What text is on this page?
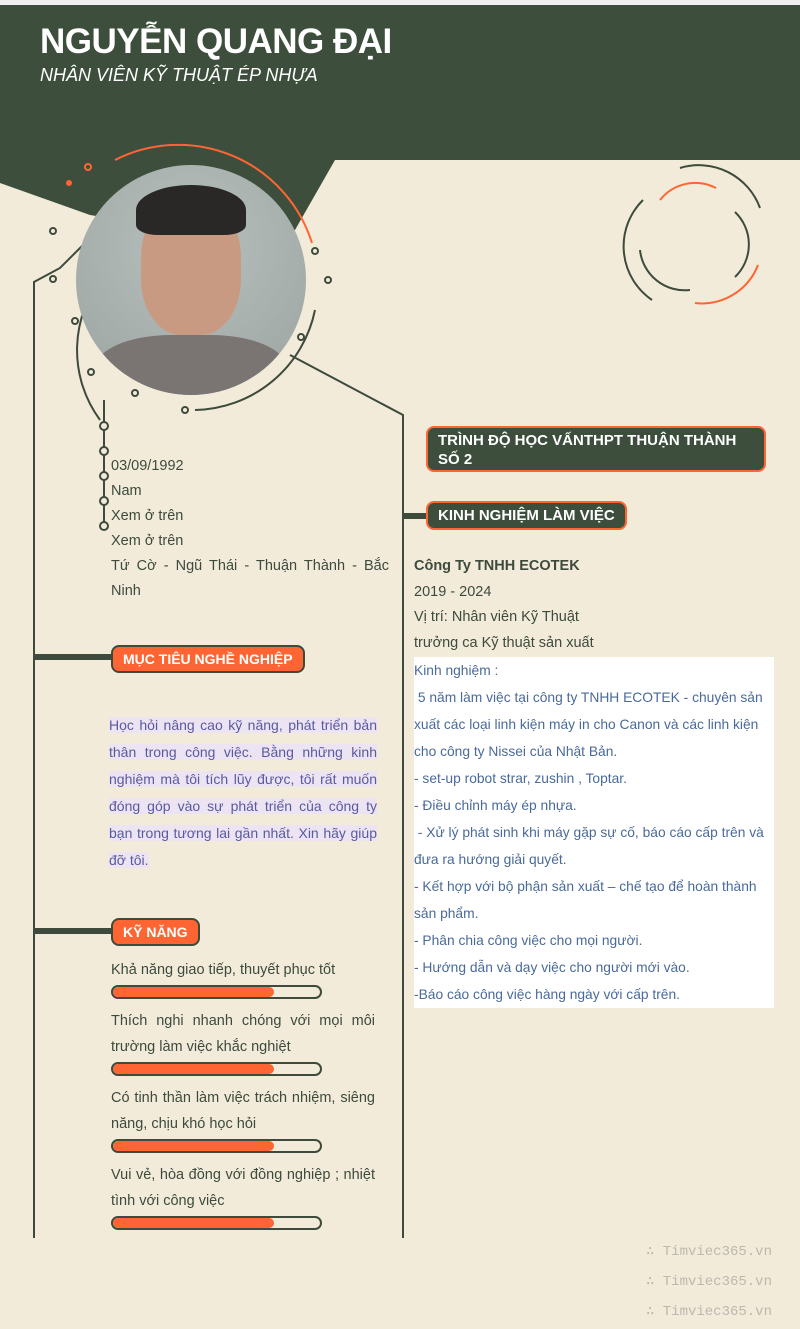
NGUYỄN QUANG ĐẠI
NHÂN VIÊN KỸ THUẬT ÉP NHỰA
03/09/1992
Nam
Xem ở trên
Xem ở trên
Tứ Cờ - Ngũ Thái - Thuận Thành - Bắc Ninh
MỤC TIÊU NGHỀ NGHIỆP
Học hỏi nâng cao kỹ năng, phát triển bản thân trong công việc. Bằng những kinh nghiệm mà tôi tích lũy được, tôi rất muốn đóng góp vào sự phát triển của công ty bạn trong tương lai gần nhất. Xin hãy giúp đỡ tôi.
KỸ NĂNG
Khả năng giao tiếp, thuyết phục tốt
Thích nghi nhanh chóng với mọi môi trường làm việc khắc nghiệt
Có tinh thần làm việc trách nhiệm, siêng năng, chịu khó học hỏi
Vui vẻ, hòa đồng với đồng nghiệp ; nhiệt tình với công việc
TRÌNH ĐỘ HỌC VẤNTHPT THUẬN THÀNH SỐ 2
KINH NGHIỆM LÀM VIỆC
Công Ty TNHH ECOTEK
2019 - 2024
Vị trí: Nhân viên Kỹ Thuật
trưởng ca Kỹ thuật sản xuất
Kinh nghiệm :
5 năm làm việc tại công ty TNHH ECOTEK - chuyên sản xuất các loại linh kiện máy in cho Canon và các linh kiện cho công ty Nissei của Nhật Bản.
- set-up robot strar, zushin , Toptar.
- Điều chỉnh máy ép nhựa.
- Xử lý phát sinh khi máy gặp sự cố, báo cáo cấp trên và đưa ra hướng giải quyết.
- Kết hợp với bộ phận sản xuất – chế tạo để hoàn thành sản phẩm.
- Phân chia công việc cho mọi người.
- Hướng dẫn và dạy việc cho người mới vào.
-Báo cáo công việc hàng ngày với cấp trên.
∴ Timviec365.vn
∴ Timviec365.vn
∴ Timviec365.vn
